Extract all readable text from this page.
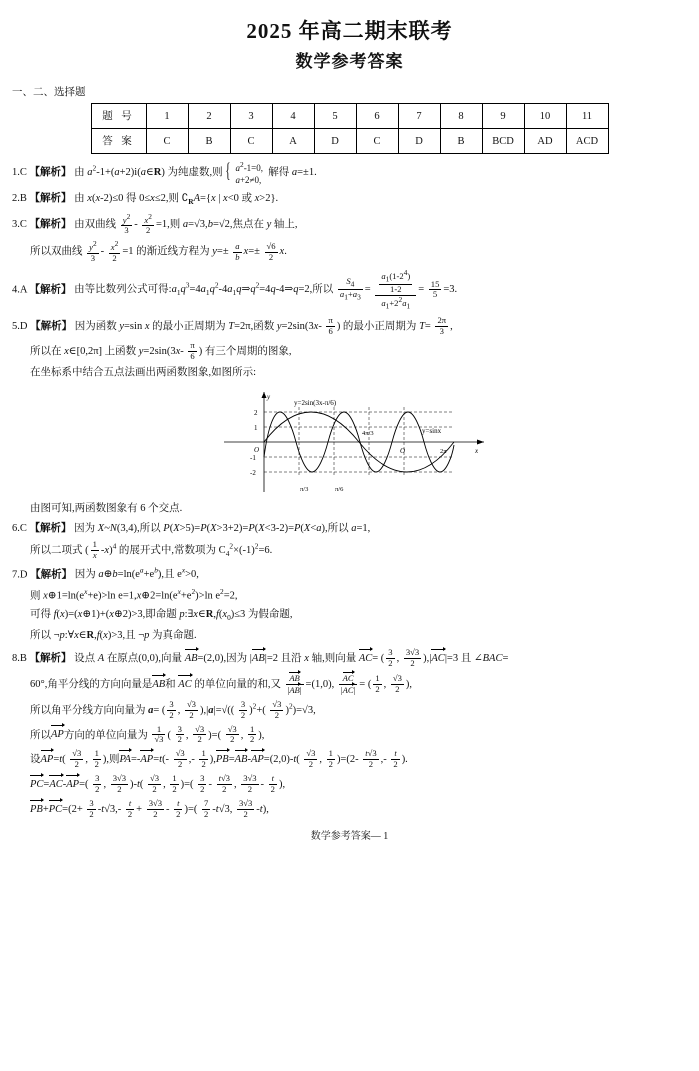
2025 年高二期末联考
数学参考答案
一、二、选择题
题 号	1	2	3	4	5	6	7	8	9	10	11
答 案	C	B	C	A	D	C	D	B	BCD	AD	ACD
1.C 【解析】 由 $a^2-1+(a+2)i(a\in R)$ 为纯虚数,则 {  $a^2-1=0$,
a+2≠0,  解得 a=±1.
2.B 【解析】 由 x(x-2)≤0 得 0≤x≤2,则 $∁_RA=\{x$ | x<0 或 x>2}.
3.C 【解析】 由双曲线 $\frac{y^2}{3} - \frac{x^2}{2} =1$,则 a=√3,b=√2,焦点在 y 轴上,
所以双曲线 $\frac{y^2}{3} - \frac{x^2}{2} =1$ 的渐近线方程为 $y=\pm \frac{a}{b} x=\pm \frac{√6}{2} x$.
4.A 【解析】 由等比数列公式可得$:a_1q^3=4a_1q^2-4a_1q\Rightarrow q^2=4q-4\Rightarrow q=2$,所以 $\frac{S_4}{a_1+a_3} = \frac{\frac{a_1(1-2^4)}{1-2}}{a_1+2^2a_1} = \frac{15}{5} =3$.
5.D 【解析】 因为函数 y=sin x 的最小正周期为 T=2π,函数 $y=2\sin(3x- \frac{\pi}{6}$ ) 的最小正周期为 $T= \frac{2\pi}{3}$ ,
所以在 x∈[0,2π] 上函数 $y=2\sin(3x- \frac{\pi}{6}$ ) 有三个周期的图象,
在坐标系中结合五点法画出两函数图象,如图所示:
y
x
2
1
-1
-2
O
π/3	π/6
4π/3
O	2π
y=2sin(3x-π/6)
y=sinx
由图可知,两函数图象有 6 个交点.
6.C 【解析】 因为 X~N(3,4),所以 P(X>5)=P(X>3+2)=P(X<3-2)=P(X<a),所以 a=1,
所以二项式 ( $\frac{1}{x} -x)^4$ 的展开式中,常数项为 $C_4^2\times(-1)^2=6$.
7.D 【解析】 因为 $a\oplus b=\ln(e^a+e^b)$,且 $e^x>0$,
则 $x\oplus 1=\ln(e^x+e)>\ln$ $e=1,x\oplus 2=\ln(e^x+e^2)>\ln$ $e^2=2$,
可得 f(x)=(x⊕1)+(x⊕2)>3,即命题 $p:\exists x\in R,f(x_0)\le 3$ 为假命题,
所以 ¬p:∀x∈R,f(x)>3,且 ¬p 为真命题.
8.B 【解析】 设点 A 在原点(0,0),向量 AB=(2,0),因为 |AB|=2 且沿 x 轴,则向量 AC= ( $\frac{3}{2}$ , $\frac{3√3}{2} ),|AC|=3$ 且 ∠BAC=
60°,角平分线的方向向量是AB和 AC 的单位向量的和,又 $\frac{AB}{|AB|} =(1,0)$, $\frac{AC}{|AC|}$ = ( $\frac{1}{2}$ , $\frac{√3}{2}$ ),
所以角平分线方向向量为 a= ( $\frac{3}{2}$ , $\frac{√3}{2} ),|a|=√(( \frac{3}{2} )^2+( \frac{√3}{2} )^2)=√3$,
所以AP方向的单位向量为 $\frac{1}{√3}$ ( $\frac{3}{2}$ , $\frac{√3}{2}$ )=( $\frac{√3}{2}$ , $\frac{1}{2}$ ),
设$AP=t( \frac{√3}{2}$ , $\frac{1}{2}$ ),则$PA=-AP=t(- \frac{√3}{2}$ ,- $\frac{1}{2} ),PB=AB-AP=(2,0)-t( \frac{√3}{2}$ , $\frac{1}{2} )=(2- \frac{t√3}{2}$ ,- $\frac{t}{2}$ ).
$PC=AC-AP=( \frac{3}{2}$ , $\frac{3√3}{2} )-t( \frac{√3}{2}$ , $\frac{1}{2}$ )=( $\frac{3}{2} - \frac{t√3}{2}$ , $\frac{3√3}{2} - \frac{t}{2}$ ),
$PB+PC=(2+ \frac{3}{2} -t√3,- \frac{t}{2} + \frac{3√3}{2} - \frac{t}{2}$ )=( $\frac{7}{2} -t√3$, $\frac{3√3}{2} -t$),
数学参考答案— 1
